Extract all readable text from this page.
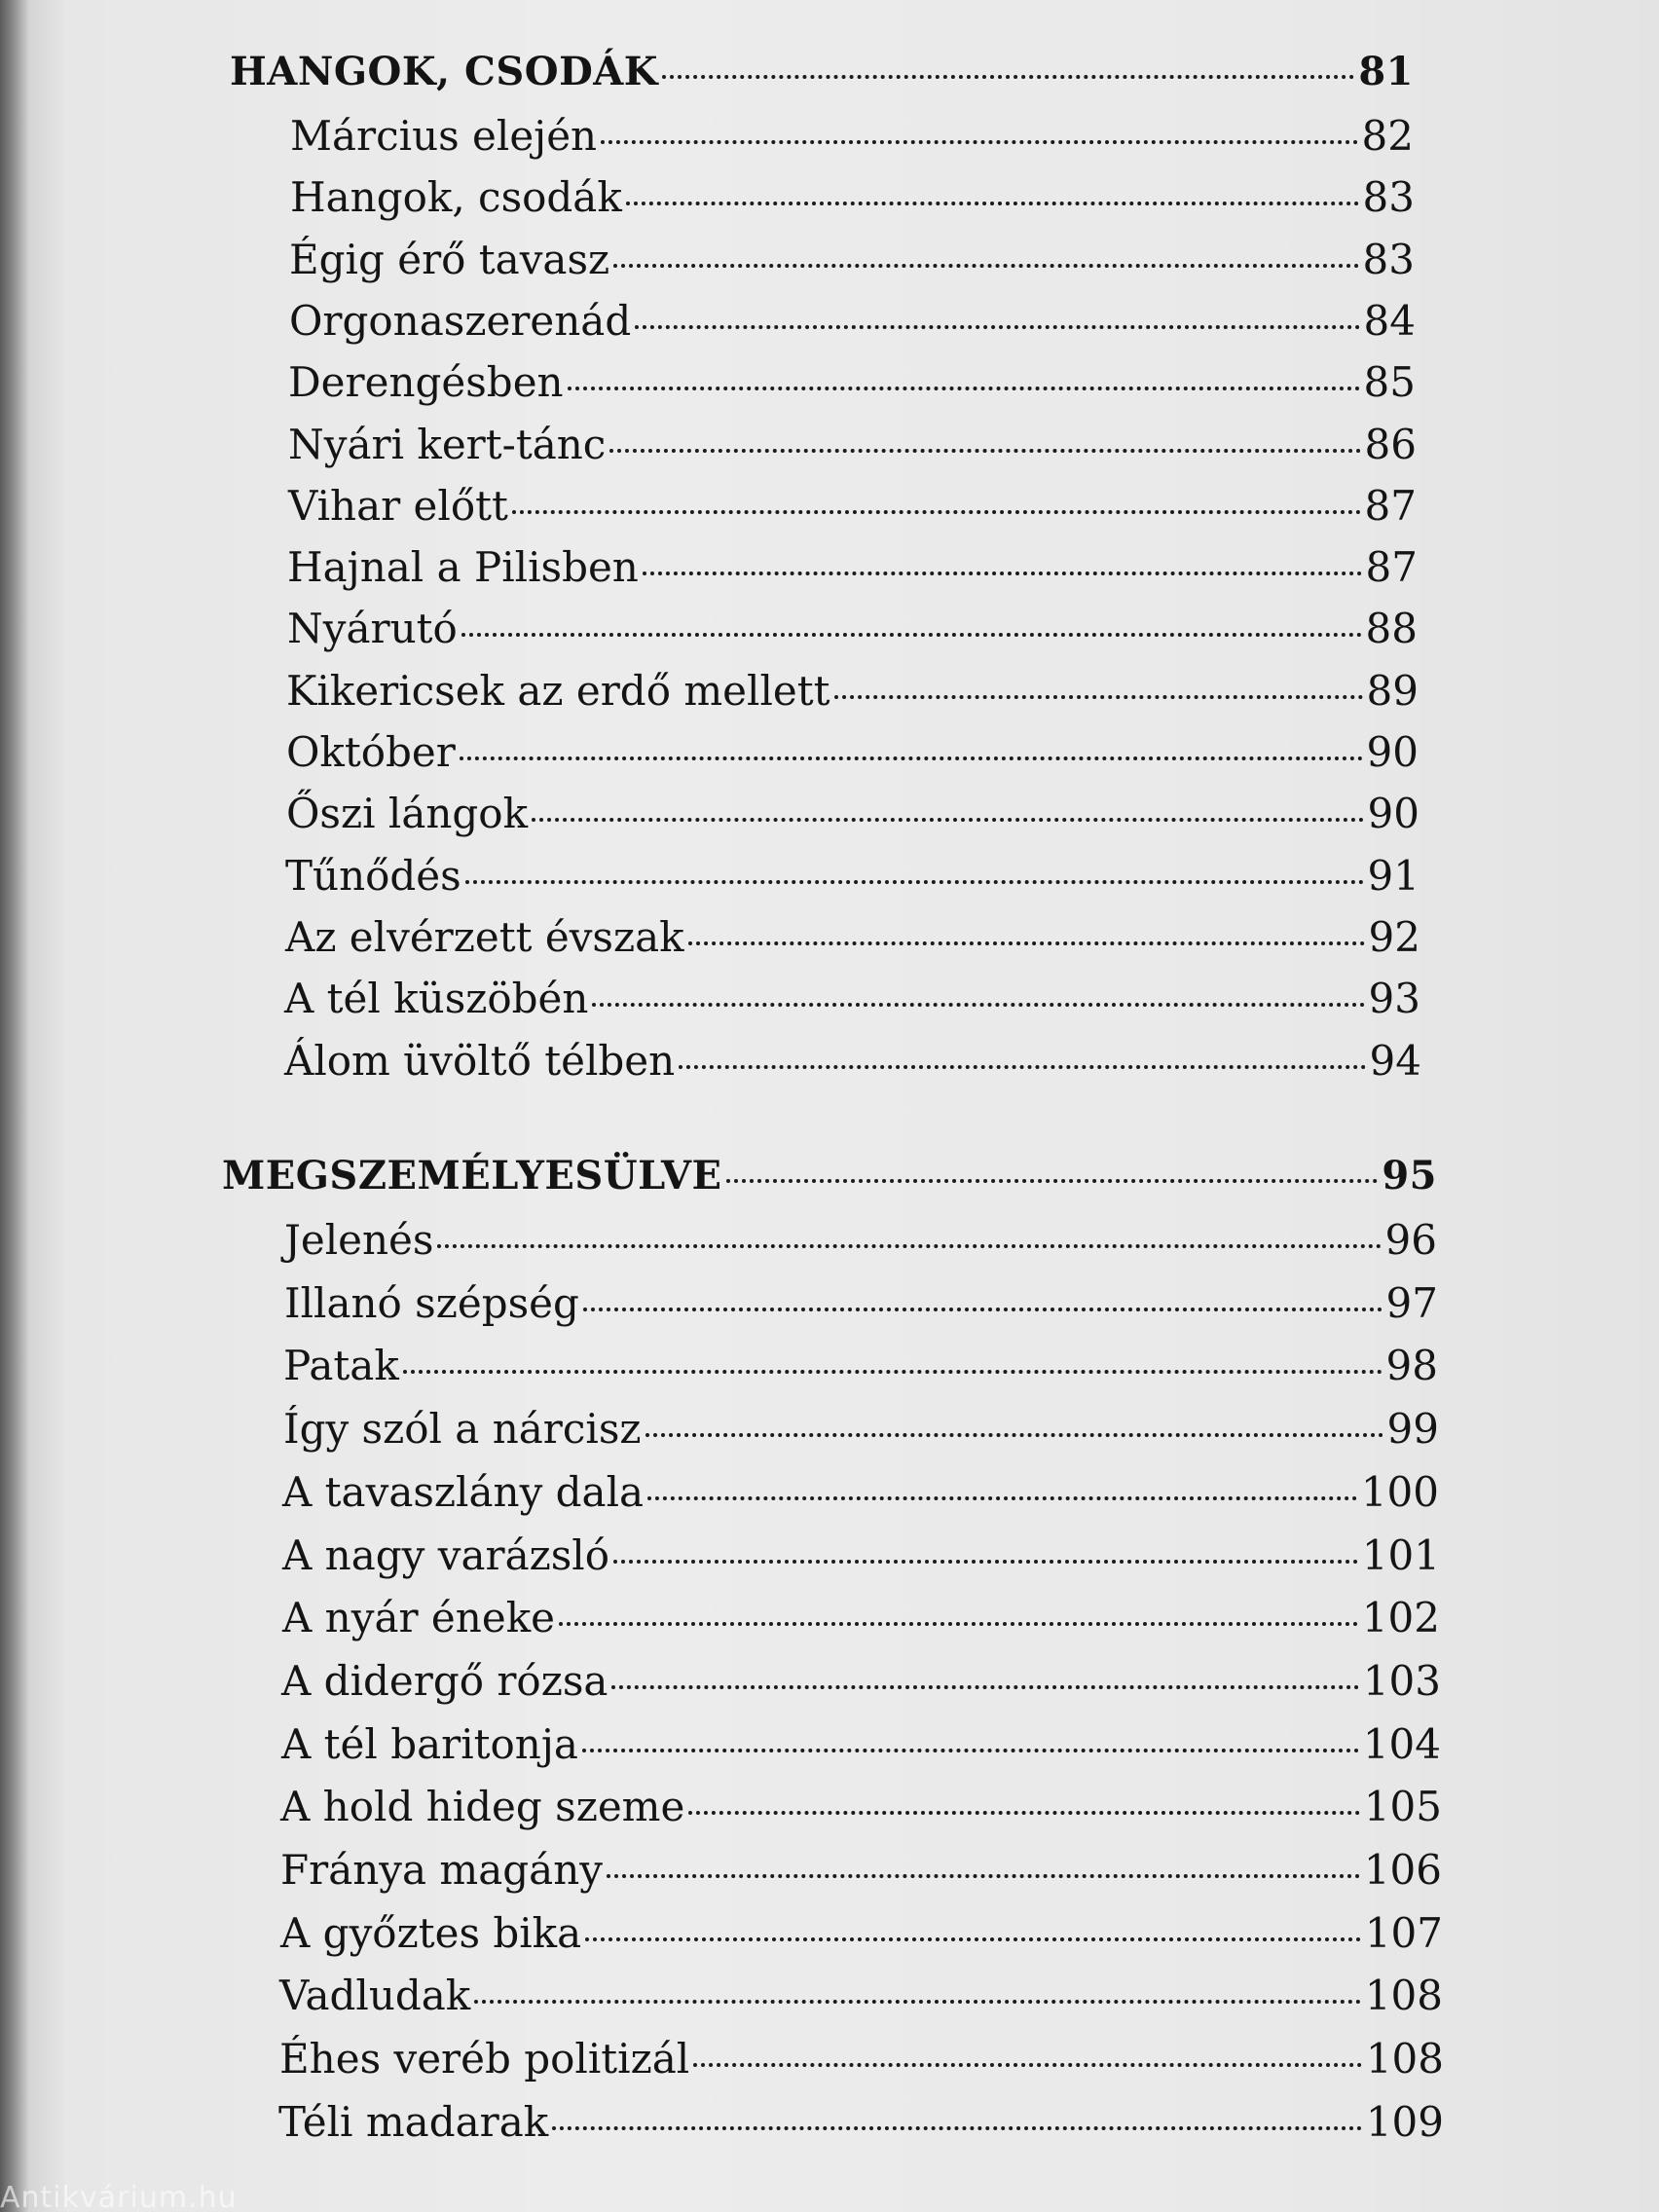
HANGOK, CSODÁK	81
Március elején	82
Hangok, csodák	83
Égig érő tavasz	83
Orgonaszerenád	84
Derengésben	85
Nyári kert-tánc	86
Vihar előtt	87
Hajnal a Pilisben	87
Nyárutó	88
Kikericsek az erdő mellett	89
Október	90
Őszi lángok	90
Tűnődés	91
Az elvérzett évszak	92
A tél küszöbén	93
Álom üvöltő télben	94
MEGSZEMÉLYESÜLVE	95
Jelenés	96
Illanó szépség	97
Patak	98
Így szól a nárcisz	99
A tavaszlány dala	100
A nagy varázsló	101
A nyár éneke	102
A didergő rózsa	103
A tél baritonja	104
A hold hideg szeme	105
Fránya magány	106
A győztes bika	107
Vadludak	108
Éhes veréb politizál	108
Téli madarak	109
Antikvárium.hu
